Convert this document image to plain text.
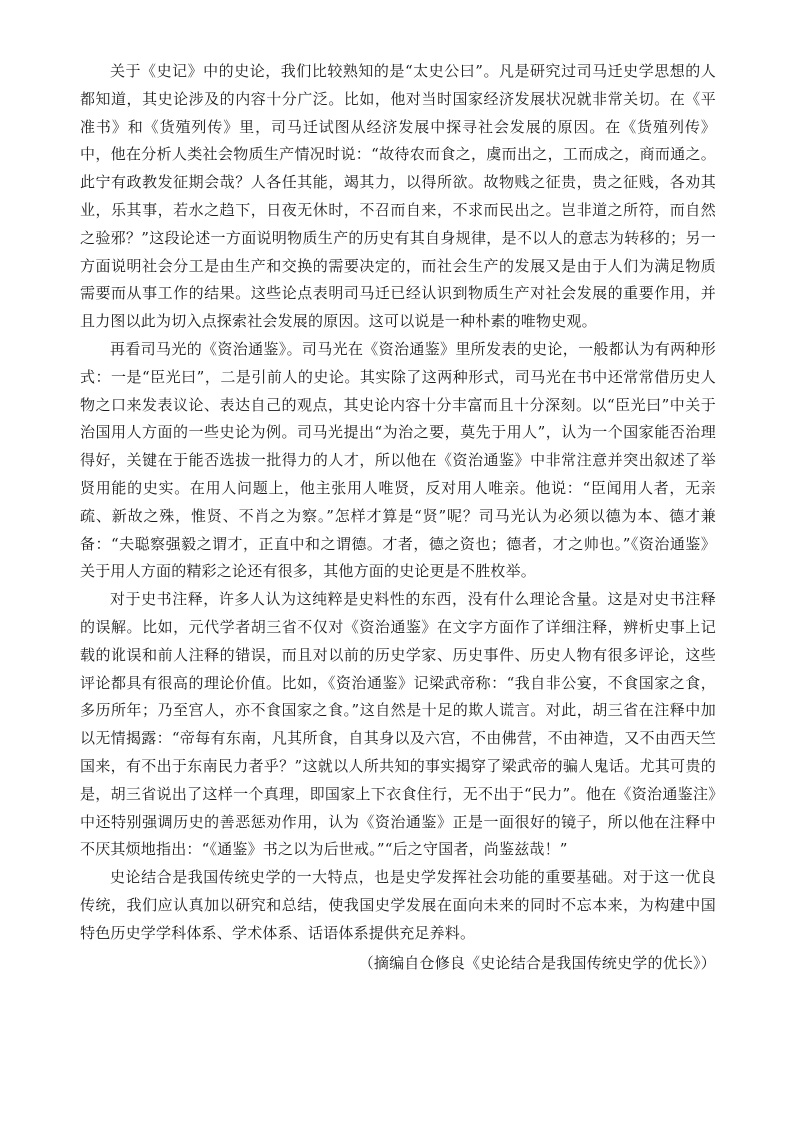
关于《史记》中的史论，我们比较熟知的是“太史公曰”。凡是研究过司马迁史学思想的人都知道，其史论涉及的内容十分广泛。比如，他对当时国家经济发展状况就非常关切。在《平准书》和《货殖列传》里，司马迁试图从经济发展中探寻社会发展的原因。在《货殖列传》中，他在分析人类社会物质生产情况时说：“故待农而食之，虞而出之，工而成之，商而通之。此宁有政教发征期会哉？人各任其能，竭其力，以得所欲。故物贱之征贵，贵之征贱，各劝其业，乐其事，若水之趋下，日夜无休时，不召而自来，不求而民出之。岂非道之所符，而自然之验邪？”这段论述一方面说明物质生产的历史有其自身规律，是不以人的意志为转移的；另一方面说明社会分工是由生产和交换的需要决定的，而社会生产的发展又是由于人们为满足物质需要而从事工作的结果。这些论点表明司马迁已经认识到物质生产对社会发展的重要作用，并且力图以此为切入点探索社会发展的原因。这可以说是一种朴素的唯物史观。

再看司马光的《资治通鉴》。司马光在《资治通鉴》里所发表的史论，一般都认为有两种形式：一是“臣光曰”，二是引前人的史论。其实除了这两种形式，司马光在书中还常常借历史人物之口来发表议论、表达自己的观点，其史论内容十分丰富而且十分深刻。以“臣光曰”中关于治国用人方面的一些史论为例。司马光提出“为治之要，莫先于用人”，认为一个国家能否治理得好，关键在于能否选拔一批得力的人才，所以他在《资治通鉴》中非常注意并突出叙述了举贤用能的史实。在用人问题上，他主张用人唯贤，反对用人唯亲。他说：“臣闻用人者，无亲疏、新故之殊，惟贤、不肖之为察。”怎样才算是“贤”呢？司马光认为必须以德为本、德才兼备：“夫聪察强毅之谓才，正直中和之谓德。才者，德之资也；德者，才之帅也。”《资治通鉴》关于用人方面的精彩之论还有很多，其他方面的史论更是不胜枚举。

对于史书注释，许多人认为这纯粹是史料性的东西，没有什么理论含量。这是对史书注释的误解。比如，元代学者胡三省不仅对《资治通鉴》在文字方面作了详细注释，辨析史事上记载的讹误和前人注释的错误，而且对以前的历史学家、历史事件、历史人物有很多评论，这些评论都具有很高的理论价值。比如，《资治通鉴》记梁武帝称：“我自非公宴，不食国家之食，多历所年；乃至宫人，亦不食国家之食。”这自然是十足的欺人谎言。对此，胡三省在注释中加以无情揭露：“帝每有东南，凡其所食，自其身以及六宫，不由佛营，不由神造，又不由西天竺国来，有不出于东南民力者乎？”这就以人所共知的事实揭穿了梁武帝的骗人鬼话。尤其可贵的是，胡三省说出了这样一个真理，即国家上下衣食住行，无不出于“民力”。他在《资治通鉴注》中还特别强调历史的善恶惩劝作用，认为《资治通鉴》正是一面很好的镜子，所以他在注释中不厌其烦地指出：“《通鉴》书之以为后世戒。”“后之守国者，尚鉴兹哉！”

史论结合是我国传统史学的一大特点，也是史学发挥社会功能的重要基础。对于这一优良传统，我们应认真加以研究和总结，使我国史学发展在面向未来的同时不忘本来，为构建中国特色历史学学科体系、学术体系、话语体系提供充足养料。

（摘编自仓修良《史论结合是我国传统史学的优长》）
